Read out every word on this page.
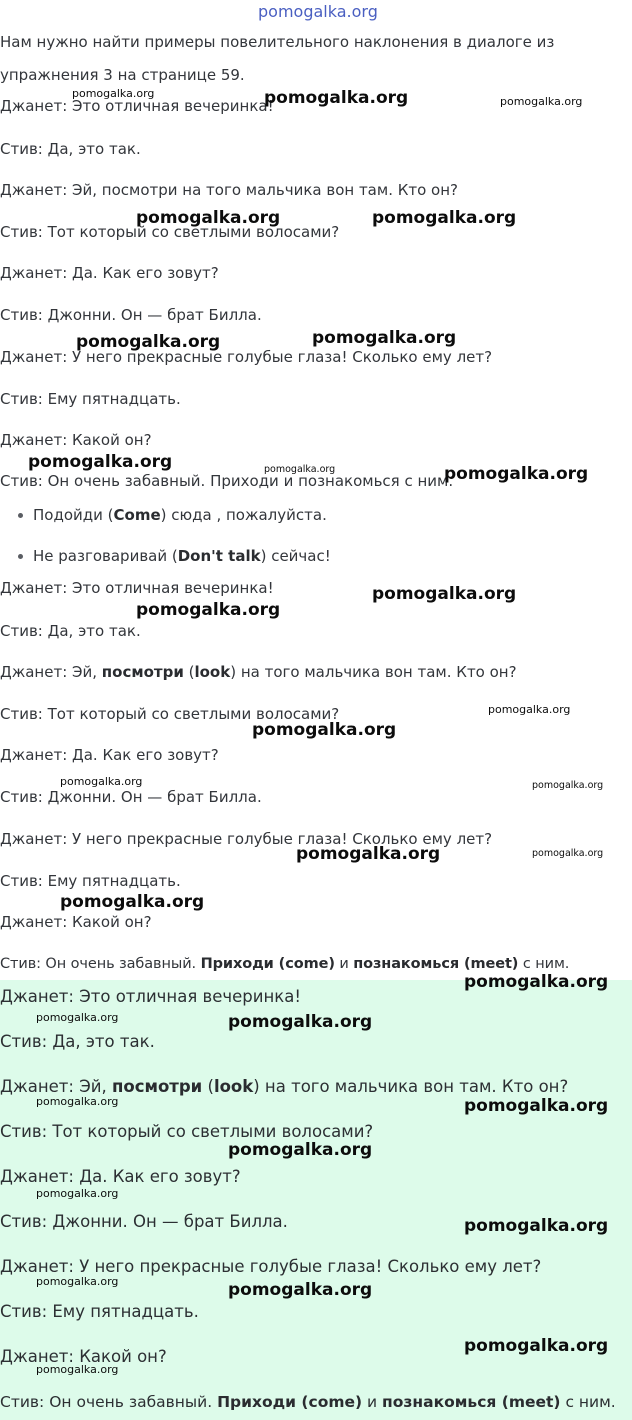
pomogalka.org
Нам нужно найти примеры повелительного наклонения в диалоге из
упражнения 3 на странице 59.
Джанет: Это отличная вечеринка!
Стив: Да, это так.
Джанет: Эй, посмотри на того мальчика вон там. Кто он?
Стив: Тот который со светлыми волосами?
Джанет: Да. Как его зовут?
Стив: Джонни. Он — брат Билла.
Джанет: У него прекрасные голубые глаза! Сколько ему лет?
Стив: Ему пятнадцать.
Джанет: Какой он?
Стив: Он очень забавный. Приходи и познакомься с ним.
Подойди (Come) сюда , пожалуйста.
Не разговаривай (Don't talk) сейчас!
Джанет: Это отличная вечеринка!
Стив: Да, это так.
Джанет: Эй, посмотри (look) на того мальчика вон там. Кто он?
Стив: Тот который со светлыми волосами?
Джанет: Да. Как его зовут?
Стив: Джонни. Он — брат Билла.
Джанет: У него прекрасные голубые глаза! Сколько ему лет?
Стив: Ему пятнадцать.
Джанет: Какой он?
Стив: Он очень забавный. Приходи (come) и познакомься (meet) с ним.
Джанет: Это отличная вечеринка!
Стив: Да, это так.
Джанет: Эй, посмотри (look) на того мальчика вон там. Кто он?
Стив: Тот который со светлыми волосами?
Джанет: Да. Как его зовут?
Стив: Джонни. Он — брат Билла.
Джанет: У него прекрасные голубые глаза! Сколько ему лет?
Стив: Ему пятнадцать.
Джанет: Какой он?
Стив: Он очень забавный. Приходи (come) и познакомься (meet) с ним.
pomogalka.org	pomogalka.org	pomogalka.org
pomogalka.org	pomogalka.org
pomogalka.org	pomogalka.org
pomogalka.org	pomogalka.org	pomogalka.org
pomogalka.org
pomogalka.org
pomogalka.org
pomogalka.org
pomogalka.org	pomogalka.org
pomogalka.org	pomogalka.org
pomogalka.org
pomogalka.org
pomogalka.org	pomogalka.org
pomogalka.org	pomogalka.org
pomogalka.org
pomogalka.org
pomogalka.org
pomogalka.org	pomogalka.org
pomogalka.org
pomogalka.org
